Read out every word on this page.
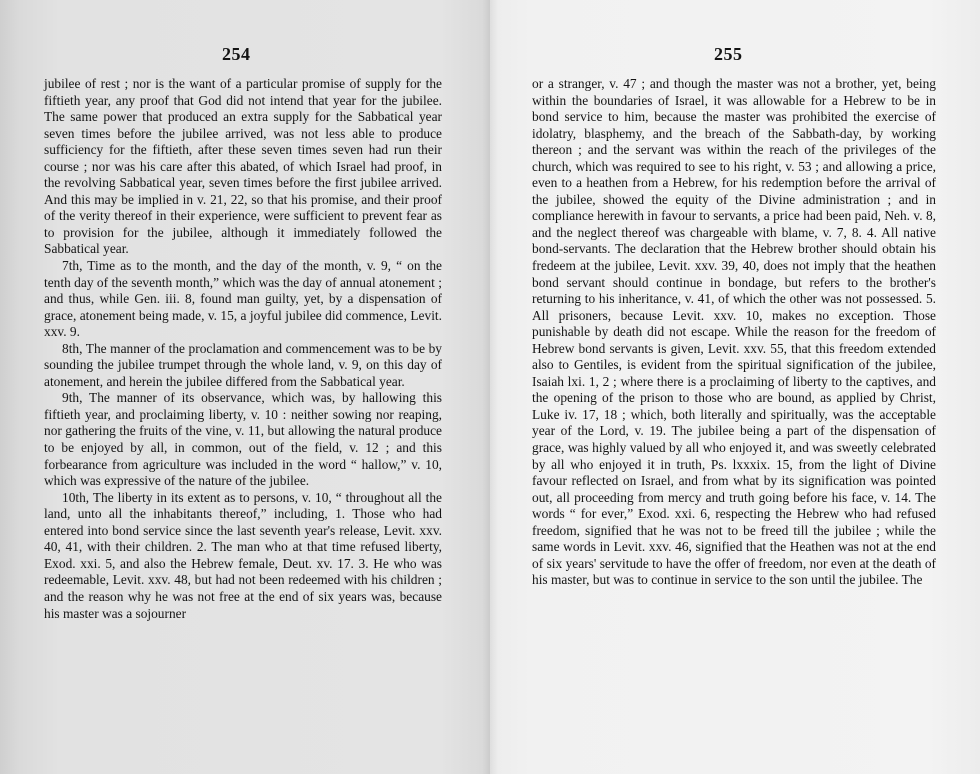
254

jubilee of rest ; nor is the want of a particular promise of supply for the fiftieth year, any proof that God did not intend that year for the jubilee. The same power that produced an extra supply for the Sabbatical year seven times before the jubilee arrived, was not less able to produce sufficiency for the fiftieth, after these seven times seven had run their course ; nor was his care after this abated, of which Israel had proof, in the revolving Sabbatical year, seven times before the first jubilee arrived. And this may be implied in v. 21, 22, so that his promise, and their proof of the verity thereof in their experience, were sufficient to prevent fear as to provision for the jubilee, although it immediately followed the Sabbatical year.

7th, Time as to the month, and the day of the month, v. 9, “ on the tenth day of the seventh month,” which was the day of annual atonement ; and thus, while Gen. iii. 8, found man guilty, yet, by a dispensation of grace, atonement being made, v. 15, a joyful jubilee did commence, Levit. xxv. 9.

8th, The manner of the proclamation and commencement was to be by sounding the jubilee trumpet through the whole land, v. 9, on this day of atonement, and herein the jubilee differed from the Sabbatical year.

9th, The manner of its observance, which was, by hallowing this fiftieth year, and proclaiming liberty, v. 10 : neither sowing nor reaping, nor gathering the fruits of the vine, v. 11, but allowing the natural produce to be enjoyed by all, in common, out of the field, v. 12 ; and this forbearance from agriculture was included in the word “ hallow,” v. 10, which was expressive of the nature of the jubilee.

10th, The liberty in its extent as to persons, v. 10, “ throughout all the land, unto all the inhabitants thereof,” including, 1. Those who had entered into bond service since the last seventh year's release, Levit. xxv. 40, 41, with their children. 2. The man who at that time refused liberty, Exod. xxi. 5, and also the Hebrew female, Deut. xv. 17. 3. He who was redeemable, Levit. xxv. 48, but had not been redeemed with his children ; and the reason why he was not free at the end of six years was, because his master was a sojourner

255

or a stranger, v. 47 ; and though the master was not a brother, yet, being within the boundaries of Israel, it was allowable for a Hebrew to be in bond service to him, because the master was prohibited the exercise of idolatry, blasphemy, and the breach of the Sabbath-day, by working thereon ; and the servant was within the reach of the privileges of the church, which was required to see to his right, v. 53 ; and allowing a price, even to a heathen from a Hebrew, for his redemption before the arrival of the jubilee, showed the equity of the Divine administration ; and in compliance herewith in favour to servants, a price had been paid, Neh. v. 8, and the neglect thereof was chargeable with blame, v. 7, 8. 4. All native bond-servants. The declaration that the Hebrew brother should obtain his fredeem at the jubilee, Levit. xxv. 39, 40, does not imply that the heathen bond servant should continue in bondage, but refers to the brother's returning to his inheritance, v. 41, of which the other was not possessed. 5. All prisoners, because Levit. xxv. 10, makes no exception. Those punishable by death did not escape. While the reason for the freedom of Hebrew bond servants is given, Levit. xxv. 55, that this freedom extended also to Gentiles, is evident from the spiritual signification of the jubilee, Isaiah lxi. 1, 2 ; where there is a proclaiming of liberty to the captives, and the opening of the prison to those who are bound, as applied by Christ, Luke iv. 17, 18 ; which, both literally and spiritually, was the acceptable year of the Lord, v. 19. The jubilee being a part of the dispensation of grace, was highly valued by all who enjoyed it, and was sweetly celebrated by all who enjoyed it in truth, Ps. lxxxix. 15, from the light of Divine favour reflected on Israel, and from what by its signification was pointed out, all proceeding from mercy and truth going before his face, v. 14. The words “ for ever,” Exod. xxi. 6, respecting the Hebrew who had refused freedom, signified that he was not to be freed till the jubilee ; while the same words in Levit. xxv. 46, signified that the Heathen was not at the end of six years' servitude to have the offer of freedom, nor even at the death of his master, but was to continue in service to the son until the jubilee. The
